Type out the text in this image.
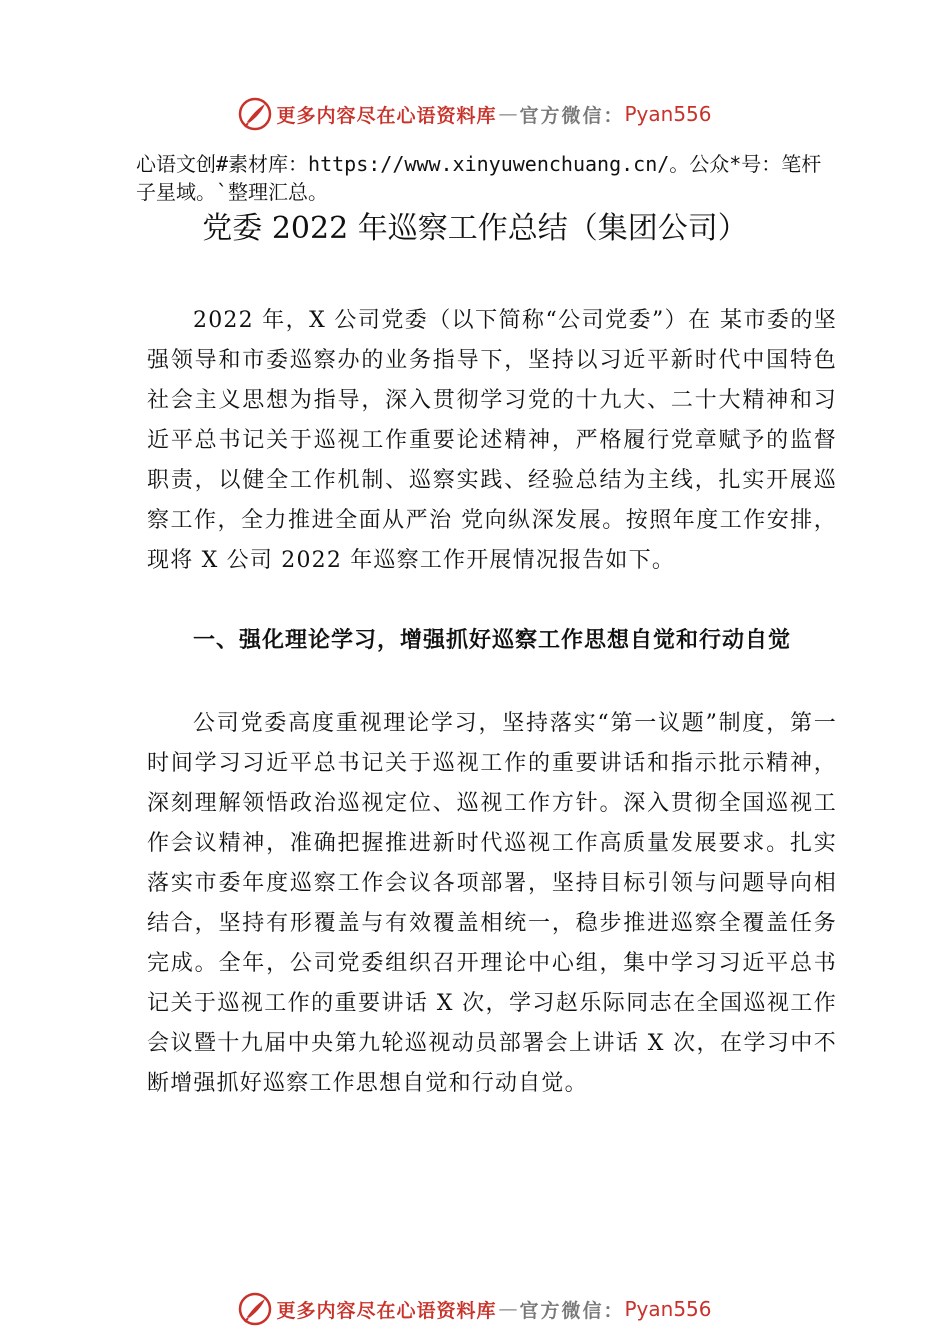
更多内容尽在心语资料库 — 官方微信： Pyan556
心语文创#素材库：https://www.xinyuwenchuang.cn/。公众*号：笔杆子星域。`整理汇总。
党委 2022 年巡察工作总结（集团公司）

2022 年，X 公司党委（以下简称“公司党委”）在 某市委的坚强领导和市委巡察办的业务指导下，坚持以习近平新时代中国特色社会主义思想为指导，深入贯彻学习党的十九大、二十大精神和习近平总书记关于巡视工作重要论述精神，严格履行党章赋予的监督职责，以健全工作机制、巡察实践、经验总结为主线，扎实开展巡察工作，全力推进全面从严治 党向纵深发展。按照年度工作安排，现将 X 公司 2022 年巡察工作开展情况报告如下。

一、强化理论学习，增强抓好巡察工作思想自觉和行动自觉

公司党委高度重视理论学习，坚持落实“第一议题”制度，第一时间学习习近平总书记关于巡视工作的重要讲话和指示批示精神，深刻理解领悟政治巡视定位、巡视工作方针。深入贯彻全国巡视工作会议精神，准确把握推进新时代巡视工作高质量发展要求。扎实落实市委年度巡察工作会议各项部署，坚持目标引领与问题导向相结合，坚持有形覆盖与有效覆盖相统一，稳步推进巡察全覆盖任务完成。全年，公司党委组织召开理论中心组，集中学习习近平总书记关于巡视工作的重要讲话 X 次，学习赵乐际同志在全国巡视工作会议暨十九届中央第九轮巡视动员部署会上讲话 X 次，在学习中不断增强抓好巡察工作思想自觉和行动自觉。

更多内容尽在心语资料库 — 官方微信： Pyan556
